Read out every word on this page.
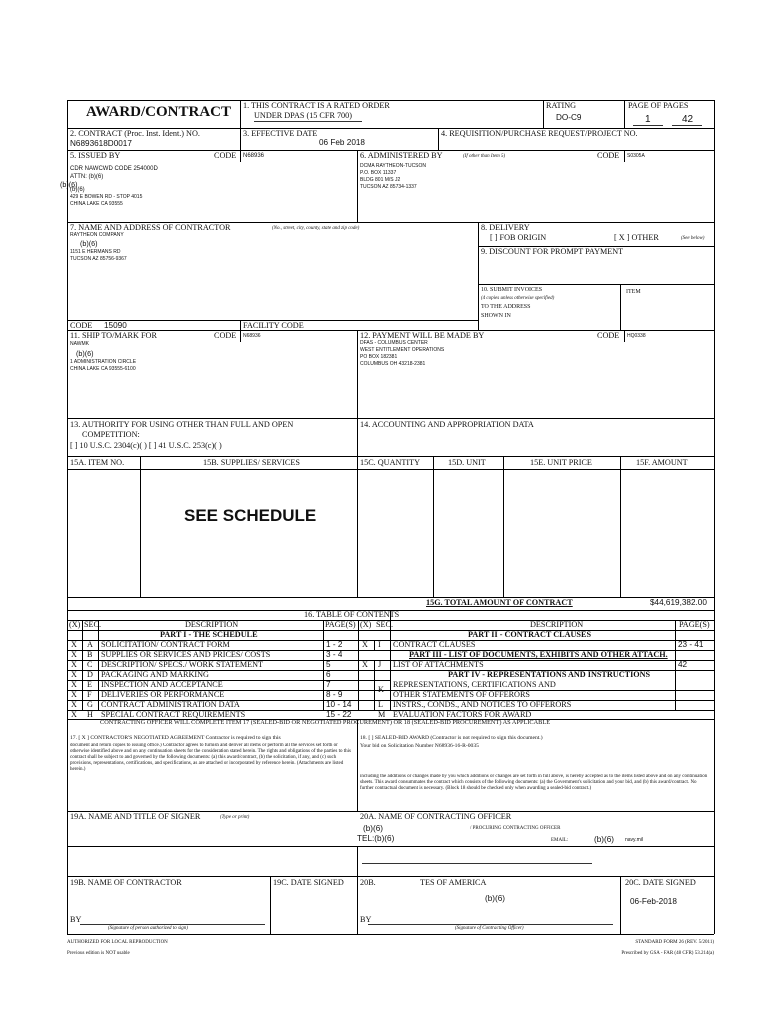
AWARD/CONTRACT 1. THIS CONTRACT IS A RATED ORDER
UNDER DPAS (15 CFR 700)
RATING
DO-C9
PAGE OF PAGES
1	42
2. CONTRACT (Proc. Inst. Ident.) NO.
N6893618D0017
3. EFFECTIVE DATE
06 Feb 2018
4. REQUISITION/PURCHASE REQUEST/PROJECT NO.
5. ISSUED BY	CODE N68936
CDR NAWCWD CODE 254000D
ATTN: (b)(6)
(b)(6)
(b)(6)
429 E BOWEN RD - STOP 4015
CHINA LAKE CA 93555
6. ADMINISTERED BY	(If other than Item 5)	CODE S0305A
DCMA RAYTHEON-TUCSON
P.O. BOX 11337
BLDG 801 M/S J2
TUCSON AZ 85734-1337
7. NAME AND ADDRESS OF CONTRACTOR	(No., street, city, county, state and zip code)
RAYTHEON COMPANY
(b)(6)
1151 E HERMANS RD
TUCSON AZ 85756-9367
CODE 15090	FACILITY CODE
8. DELIVERY
[ ] FOB ORIGIN	[ X ] OTHER	(See below)
9. DISCOUNT FOR PROMPT PAYMENT
10. SUBMIT INVOICES
(4 copies unless otherwise specified)
TO THE ADDRESS
SHOWN IN
ITEM
11. SHIP TO/MARK FOR	CODE N68936
NAWMK
(b)(6)
1 ADMINISTRATION CIRCLE
CHINA LAKE CA 93555-6100
12. PAYMENT WILL BE MADE BY	CODE HQ0338
DFAS - COLUMBUS CENTER
WEST ENTITLEMENT OPERATIONS
PO BOX 182381
COLUMBUS OH 43218-2381
13. AUTHORITY FOR USING OTHER THAN FULL AND OPEN
COMPETITION:
[ ] 10 U.S.C. 2304(c)( ) [ ] 41 U.S.C. 253(c)( )
14. ACCOUNTING AND APPROPRIATION DATA
15A. ITEM NO.	15B. SUPPLIES/ SERVICES	15C. QUANTITY	15D. UNIT	15E. UNIT PRICE	15F. AMOUNT
SEE SCHEDULE
15G. TOTAL AMOUNT OF CONTRACT	$44,619,382.00
16. TABLE OF CONTENTS
(X) SEC.	DESCRIPTION	PAGE(S) (X) SEC.	DESCRIPTION	PAGE(S)
PART I - THE SCHEDULE	PART II - CONTRACT CLAUSES
X A SOLICITATION/ CONTRACT FORM	1 - 2
X B SUPPLIES OR SERVICES AND PRICES/ COSTS	3 - 4
X C DESCRIPTION/ SPECS./ WORK STATEMENT	5
X D PACKAGING AND MARKING	6
X E INSPECTION AND ACCEPTANCE	7
X F DELIVERIES OR PERFORMANCE	8 - 9
X G CONTRACT ADMINISTRATION DATA	10 - 14
X H SPECIAL CONTRACT REQUIREMENTS	15 - 22
X I CONTRACT CLAUSES	23 - 41
PART III - LIST OF DOCUMENTS, EXHIBITS AND OTHER ATTACH.
X J LIST OF ATTACHMENTS	42
PART IV - REPRESENTATIONS AND INSTRUCTIONS
K
REPRESENTATIONS, CERTIFICATIONS AND
OTHER STATEMENTS OF OFFERORS
L INSTRS., CONDS., AND NOTICES TO OFFERORS
M EVALUATION FACTORS FOR AWARD
CONTRACTING OFFICER WILL COMPLETE ITEM 17 (SEALED-BID OR NEGOTIATED PROCUREMENT) OR 18 (SEALED-BID PROCUREMENT) AS APPLICABLE
17. [ X ] CONTRACTOR'S NEGOTIATED AGREEMENT Contractor is required to sign this
document and return copies to issuing office.) Contractor agrees to furnish and deliver all items or perform all the services set forth or otherwise identified above and on any continuation sheets for the consideration stated herein. The rights and obligations of the parties to this contract shall be subject to and governed by the following documents: (a) this award/contract, (b) the solicitation, if any, and (c) such provisions, representations, certifications, and specifications, as are attached or incorporated by reference herein. (Attachments are listed herein.)
18. [ ] SEALED-BID AWARD (Contractor is not required to sign this document.)
Your bid on Solicitation Number N68936-16-R-0035
including the additions or changes made by you which additions or changes are set forth in full above, is hereby accepted as to the items listed above and on any continuation sheets. This award consummates the contract which consists of the following documents: (a) the Government's solicitation and your bid, and (b) this award/contract. No further contractual document is necessary. (Block 18 should be checked only when awarding a sealed-bid contract.)
19A. NAME AND TITLE OF SIGNER	(Type or print)	20A. NAME OF CONTRACTING OFFICER
(b)(6)	/ PROCURING CONTRACTING OFFICER
TEL:(b)(6)	EMAIL:	(b)(6) navy.mil
19B. NAME OF CONTRACTOR
BY
(Signature of person authorized to sign)
19C. DATE SIGNED 20B.	TES OF AMERICA
(b)(6)
BY
(Signature of Contracting Officer)
20C. DATE SIGNED
06-Feb-2018
AUTHORIZED FOR LOCAL REPRODUCTION
Previous edition is NOT usable
STANDARD FORM 26 (REV. 5/2011)
Prescribed by GSA - FAR (48 CFR) 53.214(a)
